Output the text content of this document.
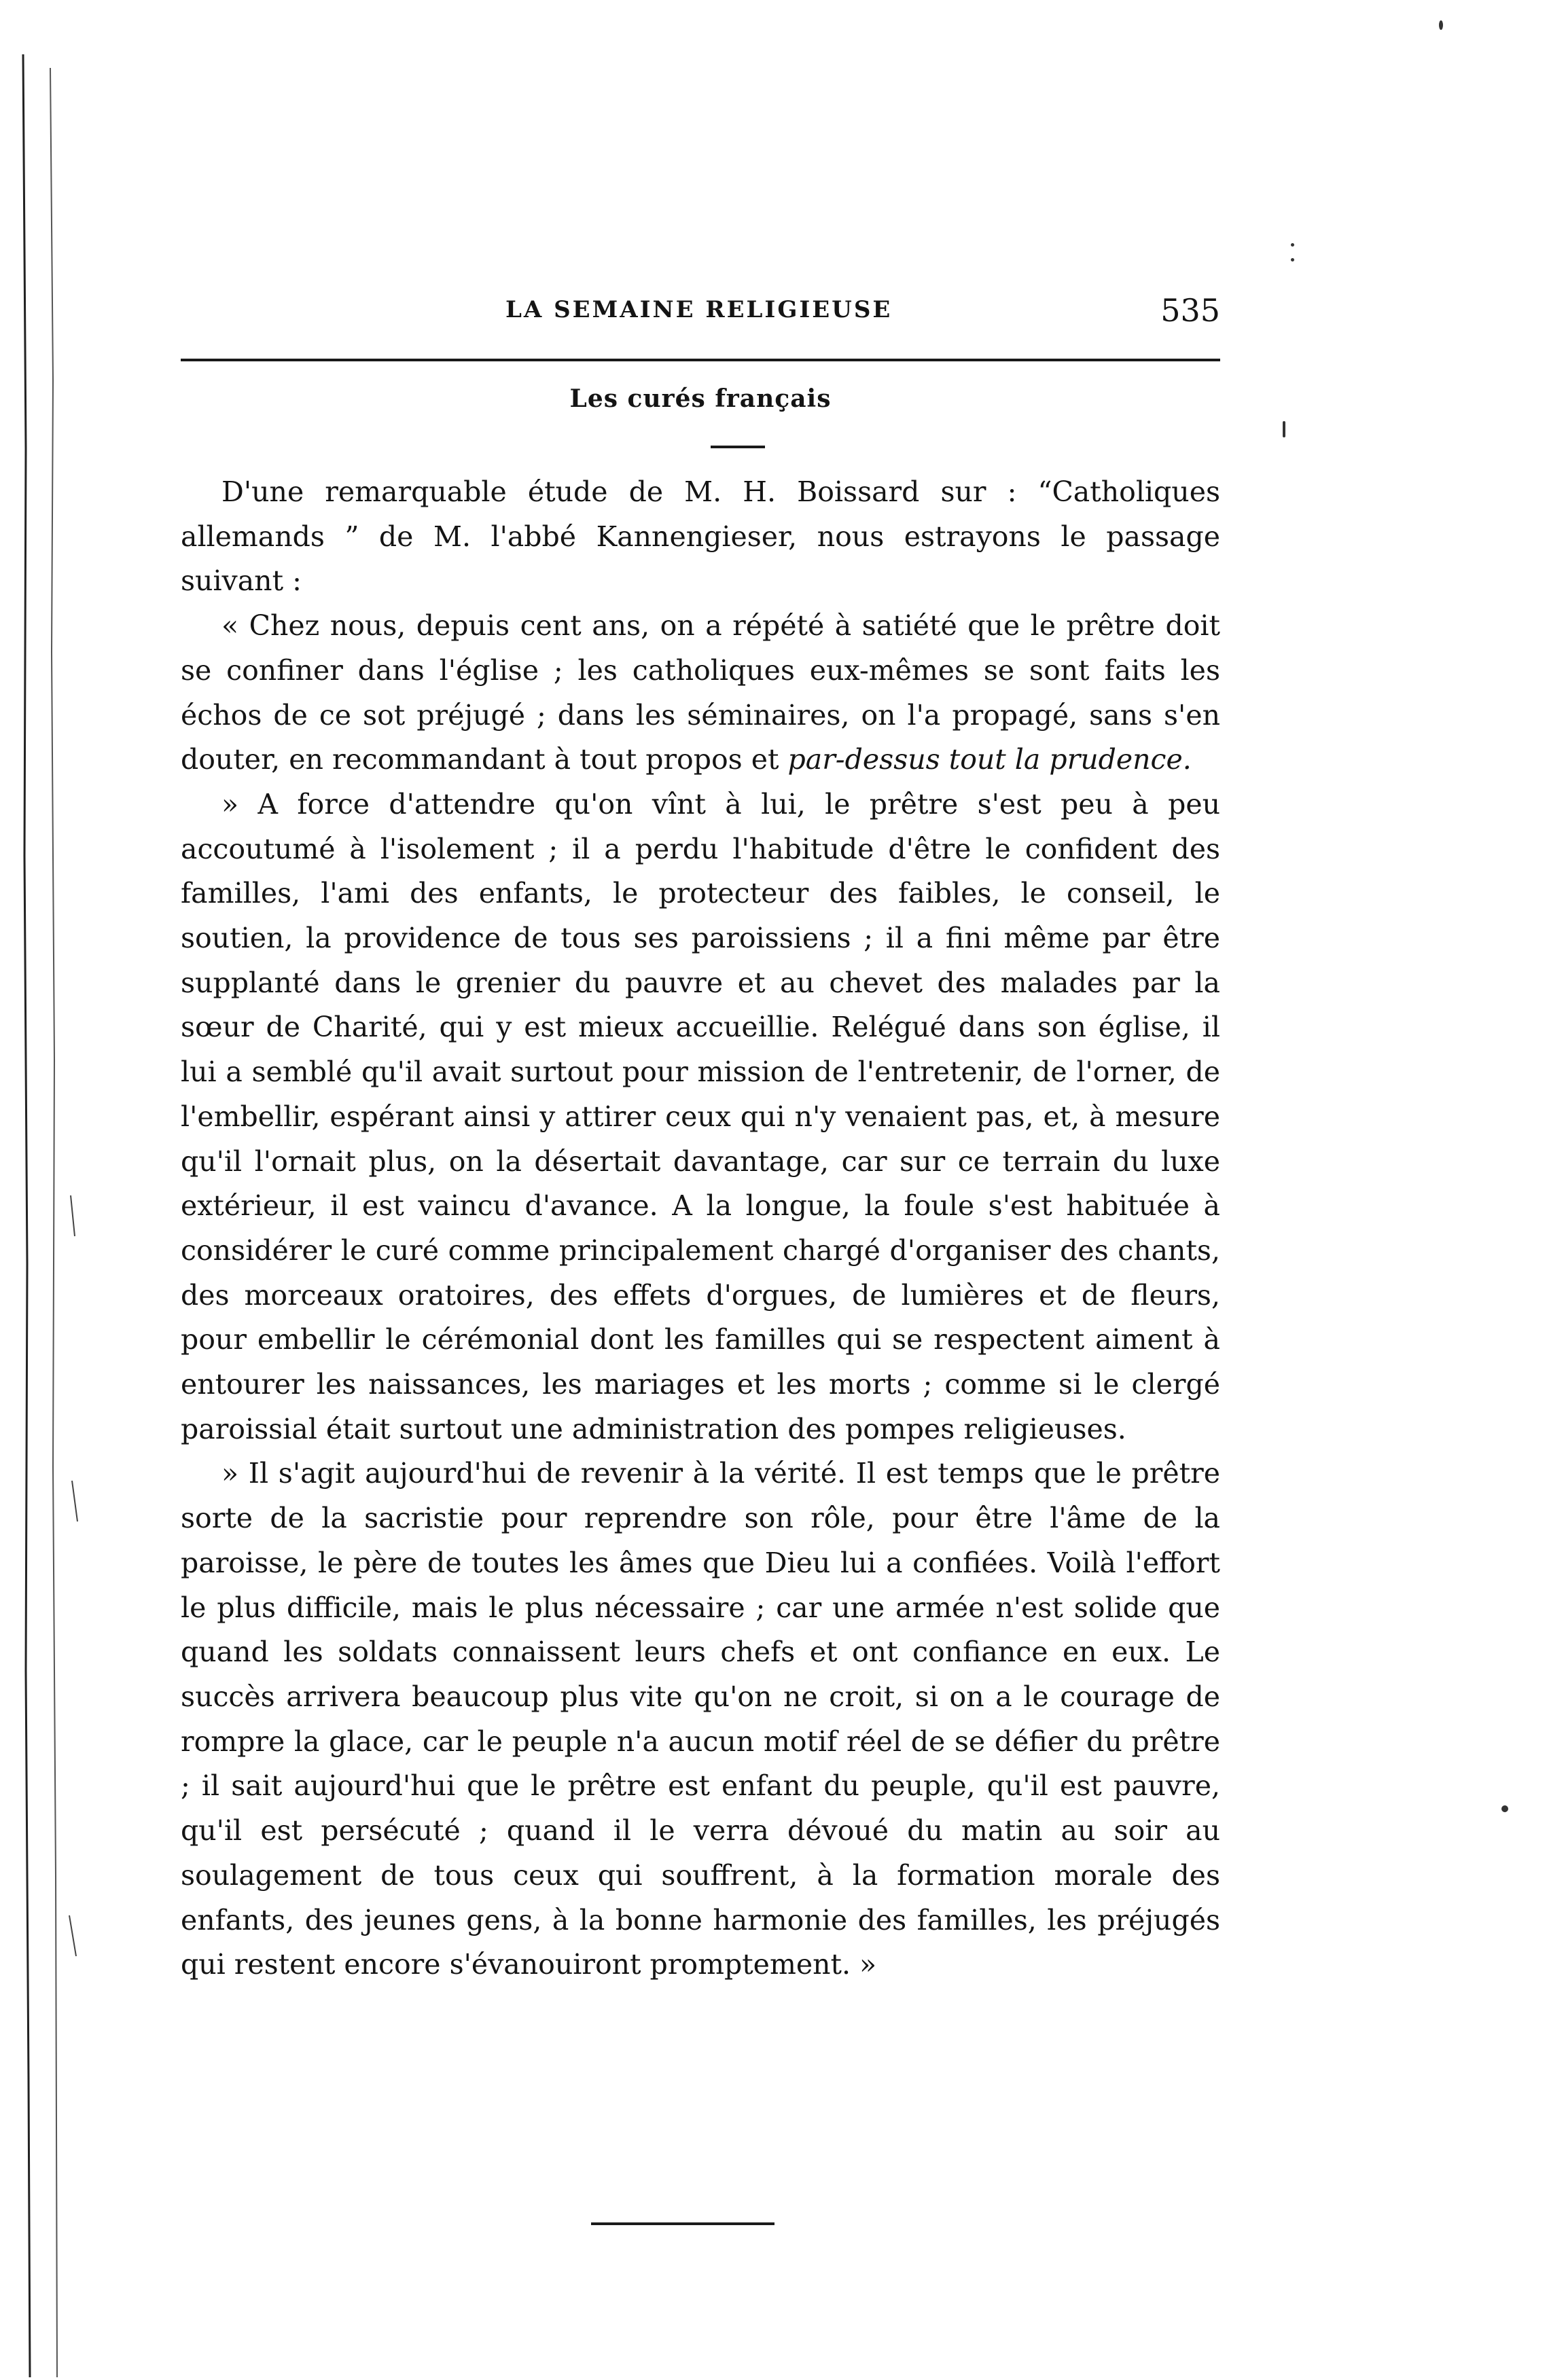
LA SEMAINE RELIGIEUSE	535
Les curés français

D'une remarquable étude de M. H. Boissard sur : “Catholiques allemands ” de M. l'abbé Kannengieser, nous estrayons le passage suivant :

« Chez nous, depuis cent ans, on a répété à satiété que le prêtre doit se confiner dans l'église ; les catholiques eux-mêmes se sont faits les échos de ce sot préjugé ; dans les séminaires, on l'a propagé, sans s'en douter, en recommandant à tout propos et par-dessus tout la prudence.

» A force d'attendre qu'on vînt à lui, le prêtre s'est peu à peu accoutumé à l'isolement ; il a perdu l'habitude d'être le confident des familles, l'ami des enfants, le protecteur des faibles, le conseil, le soutien, la providence de tous ses paroissiens ; il a fini même par être supplanté dans le grenier du pauvre et au chevet des malades par la sœur de Charité, qui y est mieux accueillie. Relégué dans son église, il lui a semblé qu'il avait surtout pour mission de l'entretenir, de l'orner, de l'embellir, espérant ainsi y attirer ceux qui n'y venaient pas, et, à mesure qu'il l'ornait plus, on la désertait davantage, car sur ce terrain du luxe extérieur, il est vaincu d'avance. A la longue, la foule s'est habituée à considérer le curé comme principalement chargé d'organiser des chants, des morceaux oratoires, des effets d'orgues, de lumières et de fleurs, pour embellir le cérémonial dont les familles qui se respectent aiment à entourer les naissances, les mariages et les morts ; comme si le clergé paroissial était surtout une administration des pompes religieuses.

» Il s'agit aujourd'hui de revenir à la vérité. Il est temps que le prêtre sorte de la sacristie pour reprendre son rôle, pour être l'âme de la paroisse, le père de toutes les âmes que Dieu lui a confiées. Voilà l'effort le plus difficile, mais le plus nécessaire ; car une armée n'est solide que quand les soldats connaissent leurs chefs et ont confiance en eux. Le succès arrivera beaucoup plus vite qu'on ne croit, si on a le courage de rompre la glace, car le peuple n'a aucun motif réel de se défier du prêtre ; il sait aujourd'hui que le prêtre est enfant du peuple, qu'il est pauvre, qu'il est persécuté ; quand il le verra dévoué du matin au soir au soulagement de tous ceux qui souffrent, à la formation morale des enfants, des jeunes gens, à la bonne harmonie des familles, les préjugés qui restent encore s'évanouiront promptement. »
